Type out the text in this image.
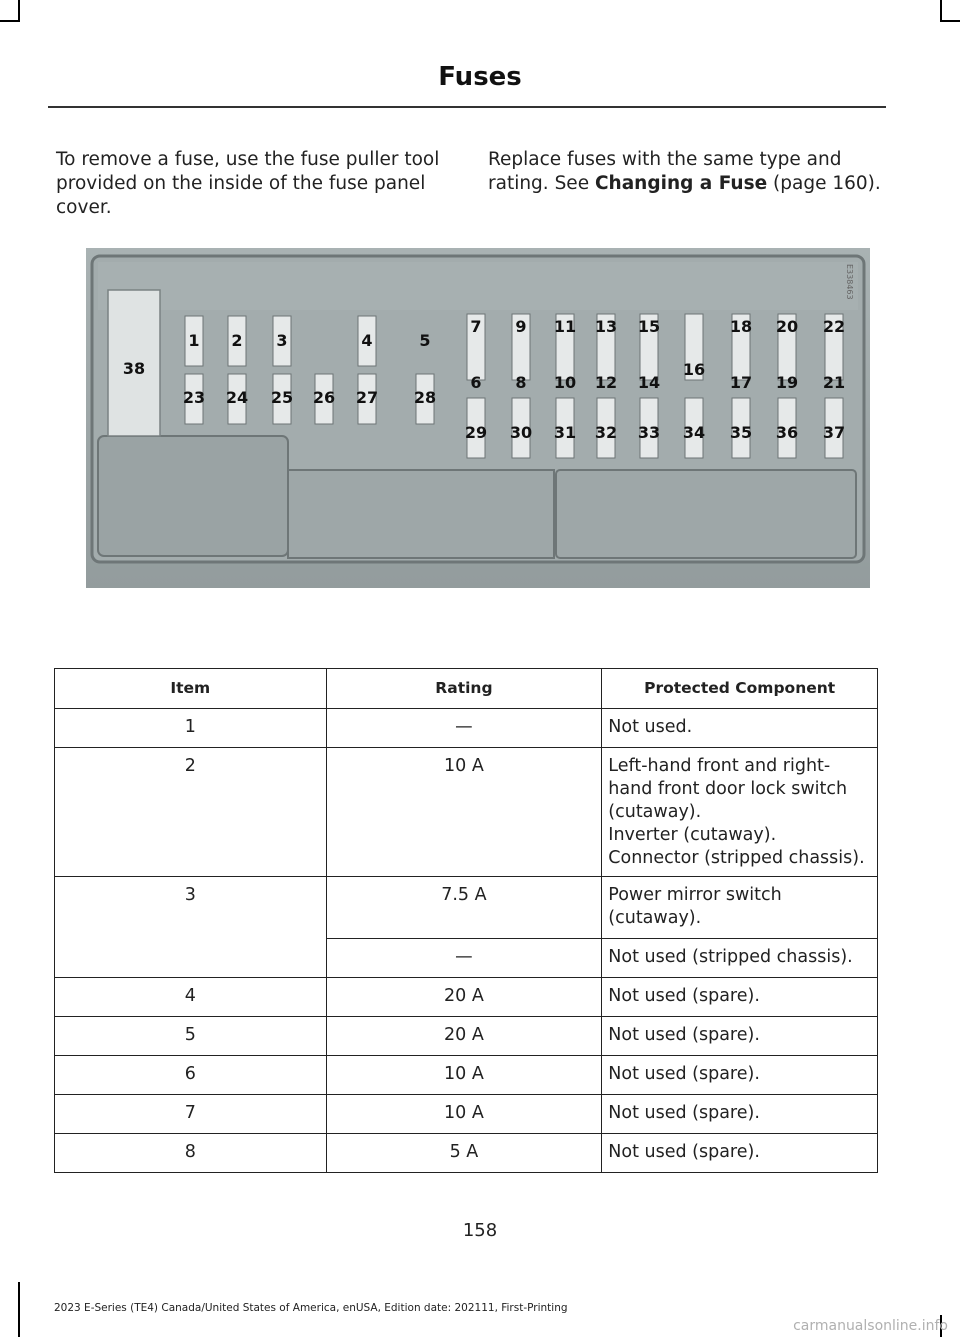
Fuses
To remove a fuse, use the fuse puller tool provided on the inside of the fuse panel cover.
Replace fuses with the same type and rating. See Changing a Fuse (page 160).
1 2 3	4	5
7 9 11 13 15	18 20 22
23 24 25 26 27 28
6 8 10 12 14
16
17 19 21
29 30 31 32 33 34 35 36 37
38
E338463
Item	Rating	Protected Component
1	—	Not used.
2	10 A	Left-hand front and right-hand front door lock switch (cutaway).
Inverter (cutaway).
Connector (stripped chassis).

3	7.5 A	Power mirror switch (cutaway).
	—	Not used (stripped chassis).
4	20 A	Not used (spare).
5	20 A	Not used (spare).
6	10 A	Not used (spare).
7	10 A	Not used (spare).
8	5 A	Not used (spare).
158
2023 E-Series (TE4) Canada/United States of America, enUSA, Edition date: 202111, First-Printing
carmanualsonline.info
